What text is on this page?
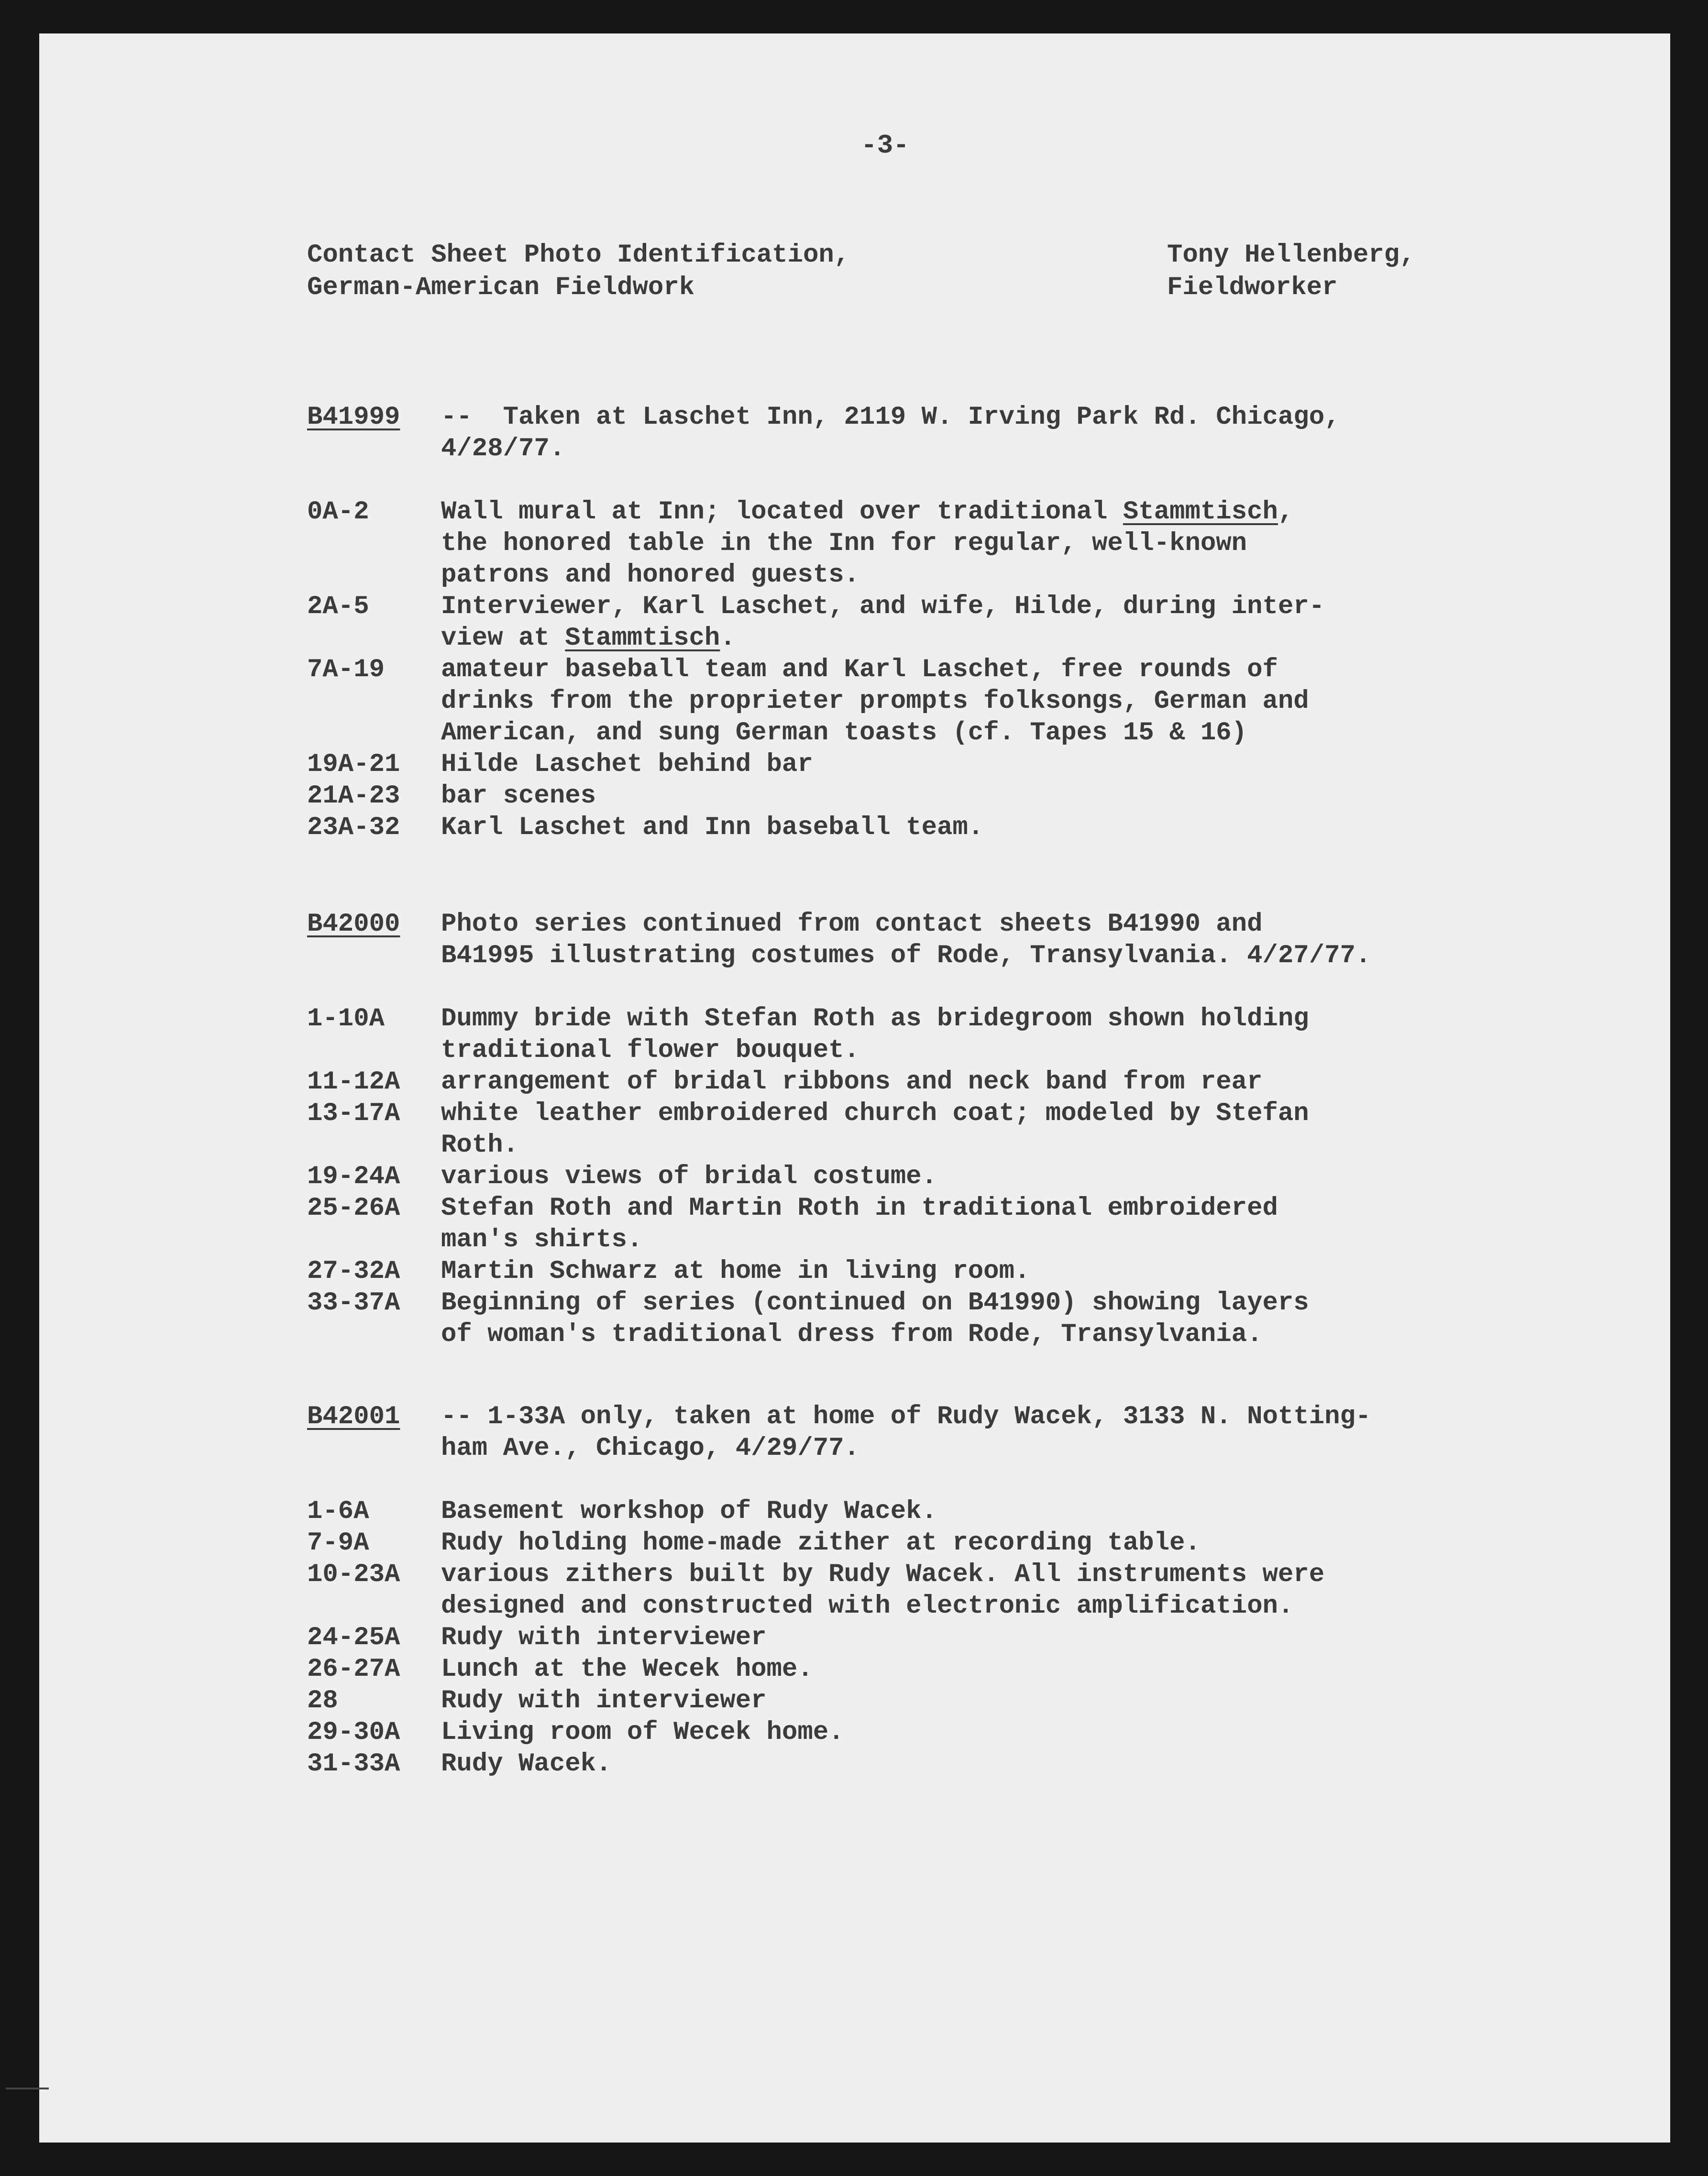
-3-
Contact Sheet Photo Identification,
German-American Fieldwork
Tony Hellenberg,
Fieldworker
B41999 -- Taken at Laschet Inn, 2119 W. Irving Park Rd. Chicago,
4/28/77.
0A-2	Wall mural at Inn; located over traditional Stammtisch,
the honored table in the Inn for regular, well-known
patrons and honored guests.
2A-5	Interviewer, Karl Laschet, and wife, Hilde, during inter-
view at Stammtisch.
7A-19	amateur baseball team and Karl Laschet, free rounds of
drinks from the proprieter prompts folksongs, German and
American, and sung German toasts (cf. Tapes 15 & 16)
19A-21	Hilde Laschet behind bar
21A-23	bar scenes
23A-32	Karl Laschet and Inn baseball team.
B42000 Photo series continued from contact sheets B41990 and
B41995 illustrating costumes of Rode, Transylvania. 4/27/77.
1-10A	Dummy bride with Stefan Roth as bridegroom shown holding
traditional flower bouquet.
11-12A	arrangement of bridal ribbons and neck band from rear
13-17A	white leather embroidered church coat; modeled by Stefan
Roth.
19-24A	various views of bridal costume.
25-26A	Stefan Roth and Martin Roth in traditional embroidered
man's shirts.
27-32A	Martin Schwarz at home in living room.
33-37A	Beginning of series (continued on B41990) showing layers
of woman's traditional dress from Rode, Transylvania.
B42001 -- 1-33A only, taken at home of Rudy Wacek, 3133 N. Notting-
ham Ave., Chicago, 4/29/77.
1-6A	Basement workshop of Rudy Wacek.
7-9A	Rudy holding home-made zither at recording table.
10-23A	various zithers built by Rudy Wacek. All instruments were
designed and constructed with electronic amplification.
24-25A	Rudy with interviewer
26-27A	Lunch at the Wecek home.
28	Rudy with interviewer
29-30A	Living room of Wecek home.
31-33A	Rudy Wacek.
